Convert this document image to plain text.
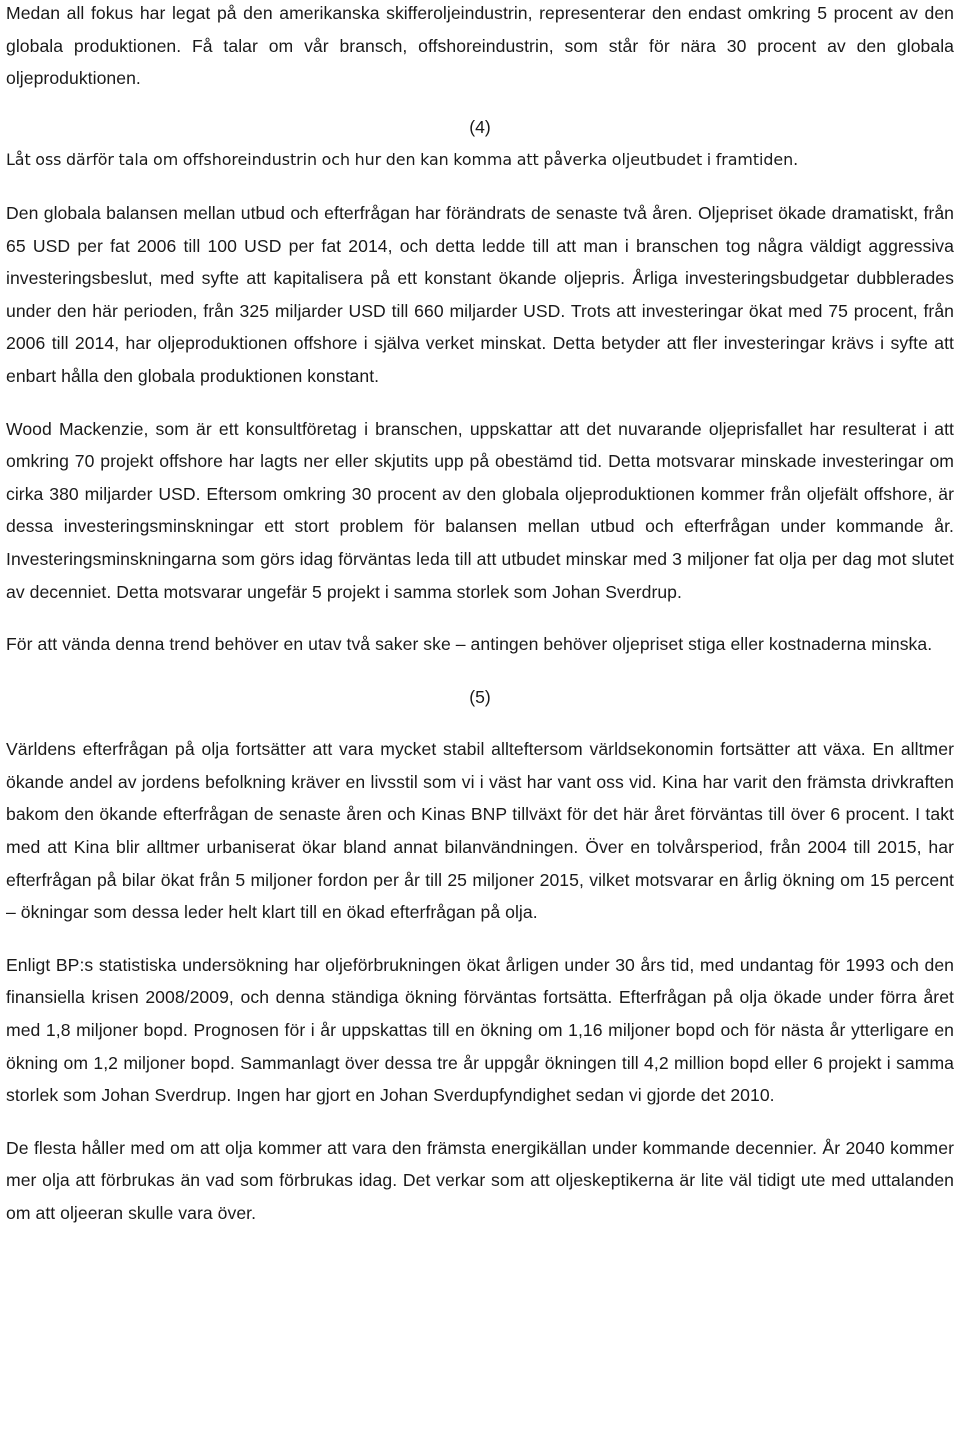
Medan all fokus har legat på den amerikanska skifferoljeindustrin, representerar den endast omkring 5 procent av den globala produktionen. Få talar om vår bransch, offshoreindustrin, som står för nära 30 procent av den globala oljeproduktionen.

(4)

Låt oss därför tala om offshoreindustrin och hur den kan komma att påverka oljeutbudet i framtiden.

Den globala balansen mellan utbud och efterfrågan har förändrats de senaste två åren. Oljepriset ökade dramatiskt, från 65 USD per fat 2006 till 100 USD per fat 2014, och detta ledde till att man i branschen tog några väldigt aggressiva investeringsbeslut, med syfte att kapitalisera på ett konstant ökande oljepris. Årliga investeringsbudgetar dubblerades under den här perioden, från 325 miljarder USD till 660 miljarder USD. Trots att investeringar ökat med 75 procent, från 2006 till 2014, har oljeproduktionen offshore i själva verket minskat. Detta betyder att fler investeringar krävs i syfte att enbart hålla den globala produktionen konstant.

Wood Mackenzie, som är ett konsultföretag i branschen, uppskattar att det nuvarande oljeprisfallet har resulterat i att omkring 70 projekt offshore har lagts ner eller skjutits upp på obestämd tid. Detta motsvarar minskade investeringar om cirka 380 miljarder USD. Eftersom omkring 30 procent av den globala oljeproduktionen kommer från oljefält offshore, är dessa investeringsminskningar ett stort problem för balansen mellan utbud och efterfrågan under kommande år. Investeringsminskningarna som görs idag förväntas leda till att utbudet minskar med 3 miljoner fat olja per dag mot slutet av decenniet. Detta motsvarar ungefär 5 projekt i samma storlek som Johan Sverdrup.

För att vända denna trend behöver en utav två saker ske – antingen behöver oljepriset stiga eller kostnaderna minska.

(5)

Världens efterfrågan på olja fortsätter att vara mycket stabil allteftersom världsekonomin fortsätter att växa. En alltmer ökande andel av jordens befolkning kräver en livsstil som vi i väst har vant oss vid. Kina har varit den främsta drivkraften bakom den ökande efterfrågan de senaste åren och Kinas BNP tillväxt för det här året förväntas till över 6 procent. I takt med att Kina blir alltmer urbaniserat ökar bland annat bilanvändningen. Över en tolvårsperiod, från 2004 till 2015, har efterfrågan på bilar ökat från 5 miljoner fordon per år till 25 miljoner 2015, vilket motsvarar en årlig ökning om 15 percent – ökningar som dessa leder helt klart till en ökad efterfrågan på olja.

Enligt BP:s statistiska undersökning har oljeförbrukningen ökat årligen under 30 års tid, med undantag för 1993 och den finansiella krisen 2008/2009, och denna ständiga ökning förväntas fortsätta. Efterfrågan på olja ökade under förra året med 1,8 miljoner bopd. Prognosen för i år uppskattas till en ökning om 1,16 miljoner bopd och för nästa år ytterligare en ökning om 1,2 miljoner bopd. Sammanlagt över dessa tre år uppgår ökningen till 4,2 million bopd eller 6 projekt i samma storlek som Johan Sverdrup. Ingen har gjort en Johan Sverdupfyndighet sedan vi gjorde det 2010.

De flesta håller med om att olja kommer att vara den främsta energikällan under kommande decennier. År 2040 kommer mer olja att förbrukas än vad som förbrukas idag. Det verkar som att oljeskeptikerna är lite väl tidigt ute med uttalanden om att oljeeran skulle vara över.
